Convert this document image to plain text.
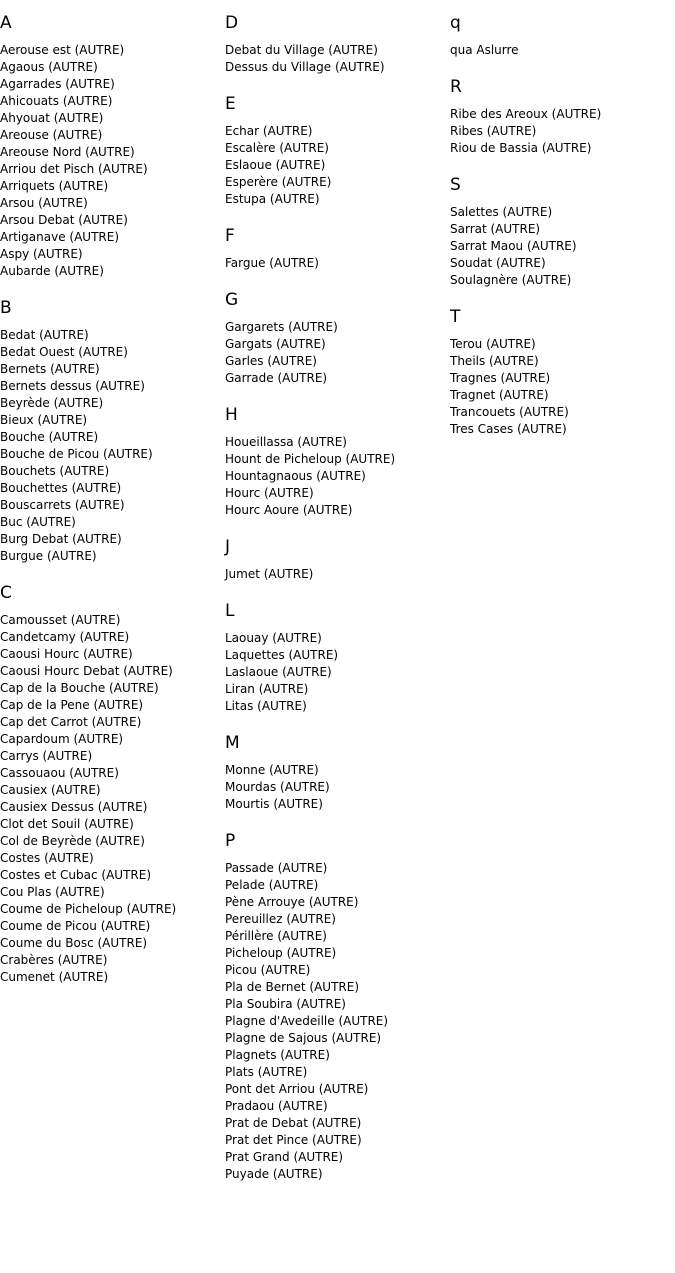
A
Aerouse est (AUTRE)
Agaous (AUTRE)
Agarrades (AUTRE)
Ahicouats (AUTRE)
Ahyouat (AUTRE)
Areouse (AUTRE)
Areouse Nord (AUTRE)
Arriou det Pisch (AUTRE)
Arriquets (AUTRE)
Arsou (AUTRE)
Arsou Debat (AUTRE)
Artiganave (AUTRE)
Aspy (AUTRE)
Aubarde (AUTRE)
B
Bedat (AUTRE)
Bedat Ouest (AUTRE)
Bernets (AUTRE)
Bernets dessus (AUTRE)
Beyrède (AUTRE)
Bieux (AUTRE)
Bouche (AUTRE)
Bouche de Picou (AUTRE)
Bouchets (AUTRE)
Bouchettes (AUTRE)
Bouscarrets (AUTRE)
Buc (AUTRE)
Burg Debat (AUTRE)
Burgue (AUTRE)
C
Camousset (AUTRE)
Candetcamy (AUTRE)
Caousi Hourc (AUTRE)
Caousi Hourc Debat (AUTRE)
Cap de la Bouche (AUTRE)
Cap de la Pene (AUTRE)
Cap det Carrot (AUTRE)
Capardoum (AUTRE)
Carrys (AUTRE)
Cassouaou (AUTRE)
Causiex (AUTRE)
Causiex Dessus (AUTRE)
Clot det Souil (AUTRE)
Col de Beyrède (AUTRE)
Costes (AUTRE)
Costes et Cubac (AUTRE)
Cou Plas (AUTRE)
Coume de Picheloup (AUTRE)
Coume de Picou (AUTRE)
Coume du Bosc (AUTRE)
Crabères (AUTRE)
Cumenet (AUTRE)
D
Debat du Village (AUTRE)
Dessus du Village (AUTRE)
E
Echar (AUTRE)
Escalère (AUTRE)
Eslaoue (AUTRE)
Esperère (AUTRE)
Estupa (AUTRE)
F
Fargue (AUTRE)
G
Gargarets (AUTRE)
Gargats (AUTRE)
Garles (AUTRE)
Garrade (AUTRE)
H
Houeillassa (AUTRE)
Hount de Picheloup (AUTRE)
Hountagnaous (AUTRE)
Hourc (AUTRE)
Hourc Aoure (AUTRE)
J
Jumet (AUTRE)
L
Laouay (AUTRE)
Laquettes (AUTRE)
Laslaoue (AUTRE)
Liran (AUTRE)
Litas (AUTRE)
M
Monne (AUTRE)
Mourdas (AUTRE)
Mourtis (AUTRE)
P
Passade (AUTRE)
Pelade (AUTRE)
Pène Arrouye (AUTRE)
Pereuillez (AUTRE)
Périllère (AUTRE)
Picheloup (AUTRE)
Picou (AUTRE)
Pla de Bernet (AUTRE)
Pla Soubira (AUTRE)
Plagne d'Avedeille (AUTRE)
Plagne de Sajous (AUTRE)
Plagnets (AUTRE)
Plats (AUTRE)
Pont det Arriou (AUTRE)
Pradaou (AUTRE)
Prat de Debat (AUTRE)
Prat det Pince (AUTRE)
Prat Grand (AUTRE)
Puyade (AUTRE)
q
qua Aslurre
R
Ribe des Areoux (AUTRE)
Ribes (AUTRE)
Riou de Bassia (AUTRE)
S
Salettes (AUTRE)
Sarrat (AUTRE)
Sarrat Maou (AUTRE)
Soudat (AUTRE)
Soulagnère (AUTRE)
T
Terou (AUTRE)
Theils (AUTRE)
Tragnes (AUTRE)
Tragnet (AUTRE)
Trancouets (AUTRE)
Tres Cases (AUTRE)
